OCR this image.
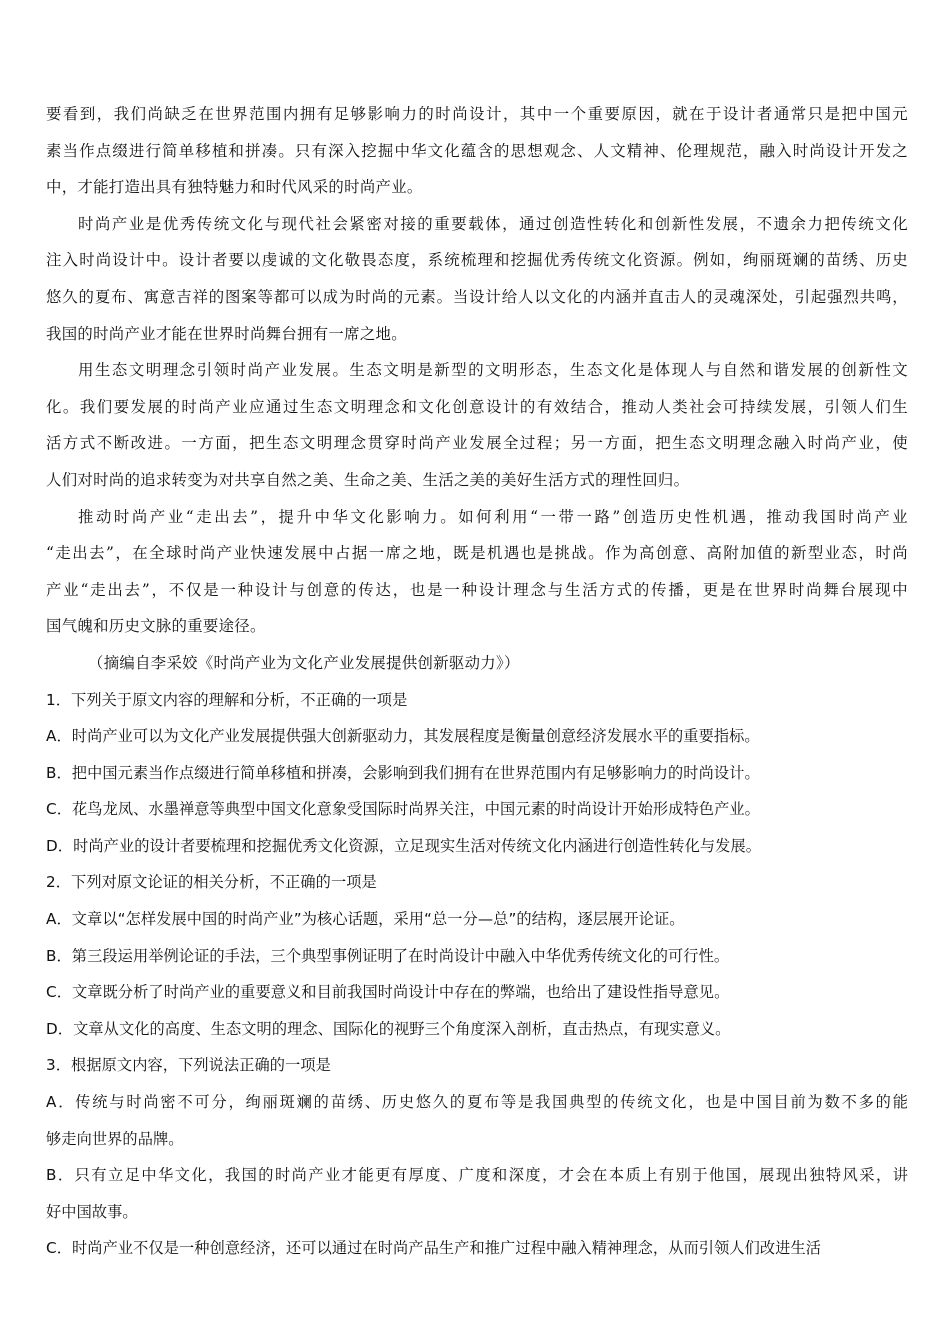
要看到，我们尚缺乏在世界范围内拥有足够影响力的时尚设计，其中一个重要原因，就在于设计者通常只是把中国元
素当作点缀进行简单移植和拼凑。只有深入挖掘中华文化蕴含的思想观念、人文精神、伦理规范，融入时尚设计开发之
中，才能打造出具有独特魅力和时代风采的时尚产业。
时尚产业是优秀传统文化与现代社会紧密对接的重要载体，通过创造性转化和创新性发展，不遗余力把传统文化
注入时尚设计中。设计者要以虔诚的文化敬畏态度，系统梳理和挖掘优秀传统文化资源。例如，绚丽斑斓的苗绣、历史
悠久的夏布、寓意吉祥的图案等都可以成为时尚的元素。当设计给人以文化的内涵并直击人的灵魂深处，引起强烈共鸣，
我国的时尚产业才能在世界时尚舞台拥有一席之地。
用生态文明理念引领时尚产业发展。生态文明是新型的文明形态，生态文化是体现人与自然和谐发展的创新性文
化。我们要发展的时尚产业应通过生态文明理念和文化创意设计的有效结合，推动人类社会可持续发展，引领人们生
活方式不断改进。一方面，把生态文明理念贯穿时尚产业发展全过程；另一方面，把生态文明理念融入时尚产业，使
人们对时尚的追求转变为对共享自然之美、生命之美、生活之美的美好生活方式的理性回归。
推动时尚产业“走出去”，提升中华文化影响力。如何利用“一带一路”创造历史性机遇，推动我国时尚产业
“走出去”，在全球时尚产业快速发展中占据一席之地，既是机遇也是挑战。作为高创意、高附加值的新型业态，时尚
产业“走出去”，不仅是一种设计与创意的传达，也是一种设计理念与生活方式的传播，更是在世界时尚舞台展现中
国气魄和历史文脉的重要途径。
（摘编自李采姣《时尚产业为文化产业发展提供创新驱动力》）
1．下列关于原文内容的理解和分析，不正确的一项是
A．时尚产业可以为文化产业发展提供强大创新驱动力，其发展程度是衡量创意经济发展水平的重要指标。
B．把中国元素当作点缀进行简单移植和拼凑，会影响到我们拥有在世界范围内有足够影响力的时尚设计。
C．花鸟龙凤、水墨禅意等典型中国文化意象受国际时尚界关注，中国元素的时尚设计开始形成特色产业。
D．时尚产业的设计者要梳理和挖掘优秀文化资源，立足现实生活对传统文化内涵进行创造性转化与发展。
2．下列对原文论证的相关分析，不正确的一项是
A．文章以“怎样发展中国的时尚产业”为核心话题，采用“总一分—总”的结构，逐层展开论证。
B．第三段运用举例论证的手法，三个典型事例证明了在时尚设计中融入中华优秀传统文化的可行性。
C．文章既分析了时尚产业的重要意义和目前我国时尚设计中存在的弊端，也给出了建设性指导意见。
D．文章从文化的高度、生态文明的理念、国际化的视野三个角度深入剖析，直击热点，有现实意义。
3．根据原文内容，下列说法正确的一项是
A．传统与时尚密不可分，绚丽斑斓的苗绣、历史悠久的夏布等是我国典型的传统文化，也是中国目前为数不多的能
够走向世界的品牌。
B．只有立足中华文化，我国的时尚产业才能更有厚度、广度和深度，才会在本质上有别于他国，展现出独特风采，讲
好中国故事。
C．时尚产业不仅是一种创意经济，还可以通过在时尚产品生产和推广过程中融入精神理念，从而引领人们改进生活
